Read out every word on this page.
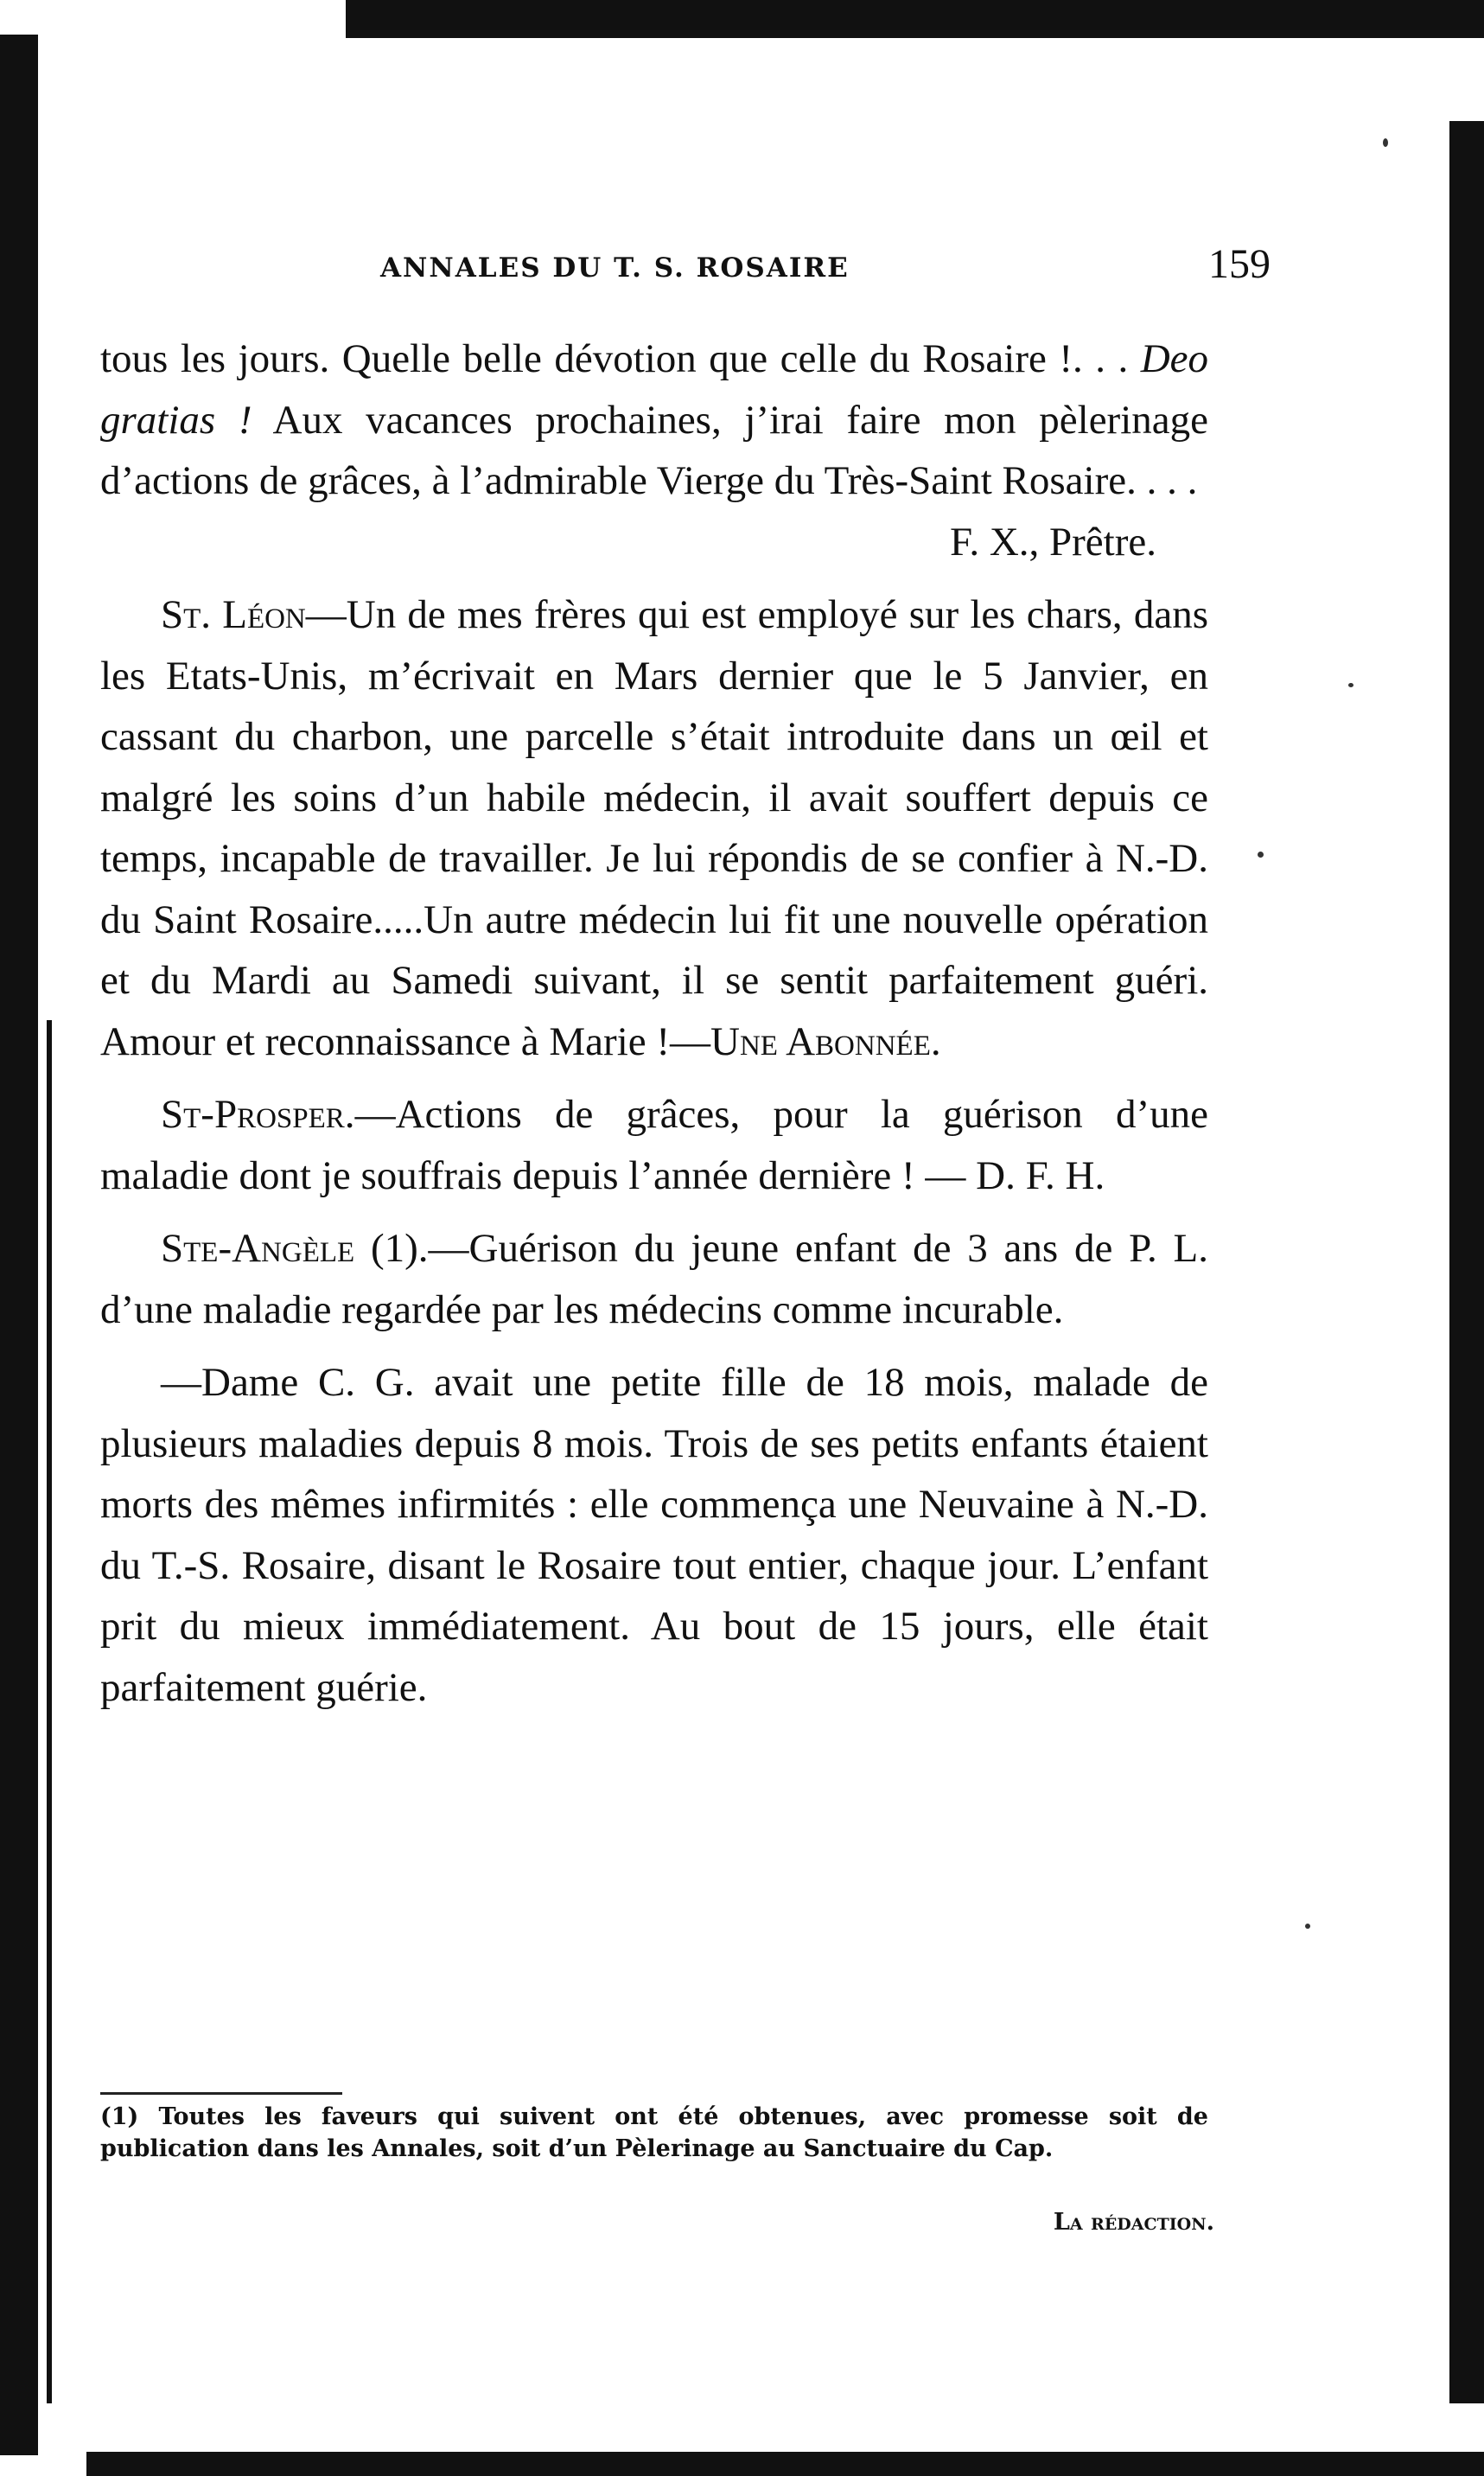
ANNALES DU T. S. ROSAIRE	159

tous les jours. Quelle belle dévotion que celle du Rosaire !. . . Deo gratias ! Aux vacances prochaines, j’irai faire mon pèlerinage d’actions de grâces, à l’admirable Vierge du Très-Saint Rosaire. . . .

F. X., Prêtre.

St. Léon—Un de mes frères qui est employé sur les chars, dans les Etats-Unis, m’écrivait en Mars dernier que le 5 Janvier, en cassant du charbon, une parcelle s’était introduite dans un œil et malgré les soins d’un habile médecin, il avait souffert depuis ce temps, incapable de travailler. Je lui répondis de se confier à N.-D. du Saint Rosaire.....Un autre médecin lui fit une nouvelle opération et du Mardi au Samedi suivant, il se sentit parfaitement guéri. Amour et reconnaissance à Marie !—Une Abonnée.

St-Prosper.—Actions de grâces, pour la guérison d’une maladie dont je souffrais depuis l’année dernière ! — D. F. H.

Ste-Angèle (1).—Guérison du jeune enfant de 3 ans de P. L. d’une maladie regardée par les médecins comme incurable.

—Dame C. G. avait une petite fille de 18 mois, malade de plusieurs maladies depuis 8 mois. Trois de ses petits enfants étaient morts des mêmes infirmités : elle commença une Neuvaine à N.-D. du T.-S. Rosaire, disant le Rosaire tout entier, chaque jour. L’enfant prit du mieux immédiatement. Au bout de 15 jours, elle était parfaitement guérie.

(1) Toutes les faveurs qui suivent ont été obtenues, avec promesse soit de publication dans les Annales, soit d’un Pèlerinage au Sanctuaire du Cap.

La rédaction.
